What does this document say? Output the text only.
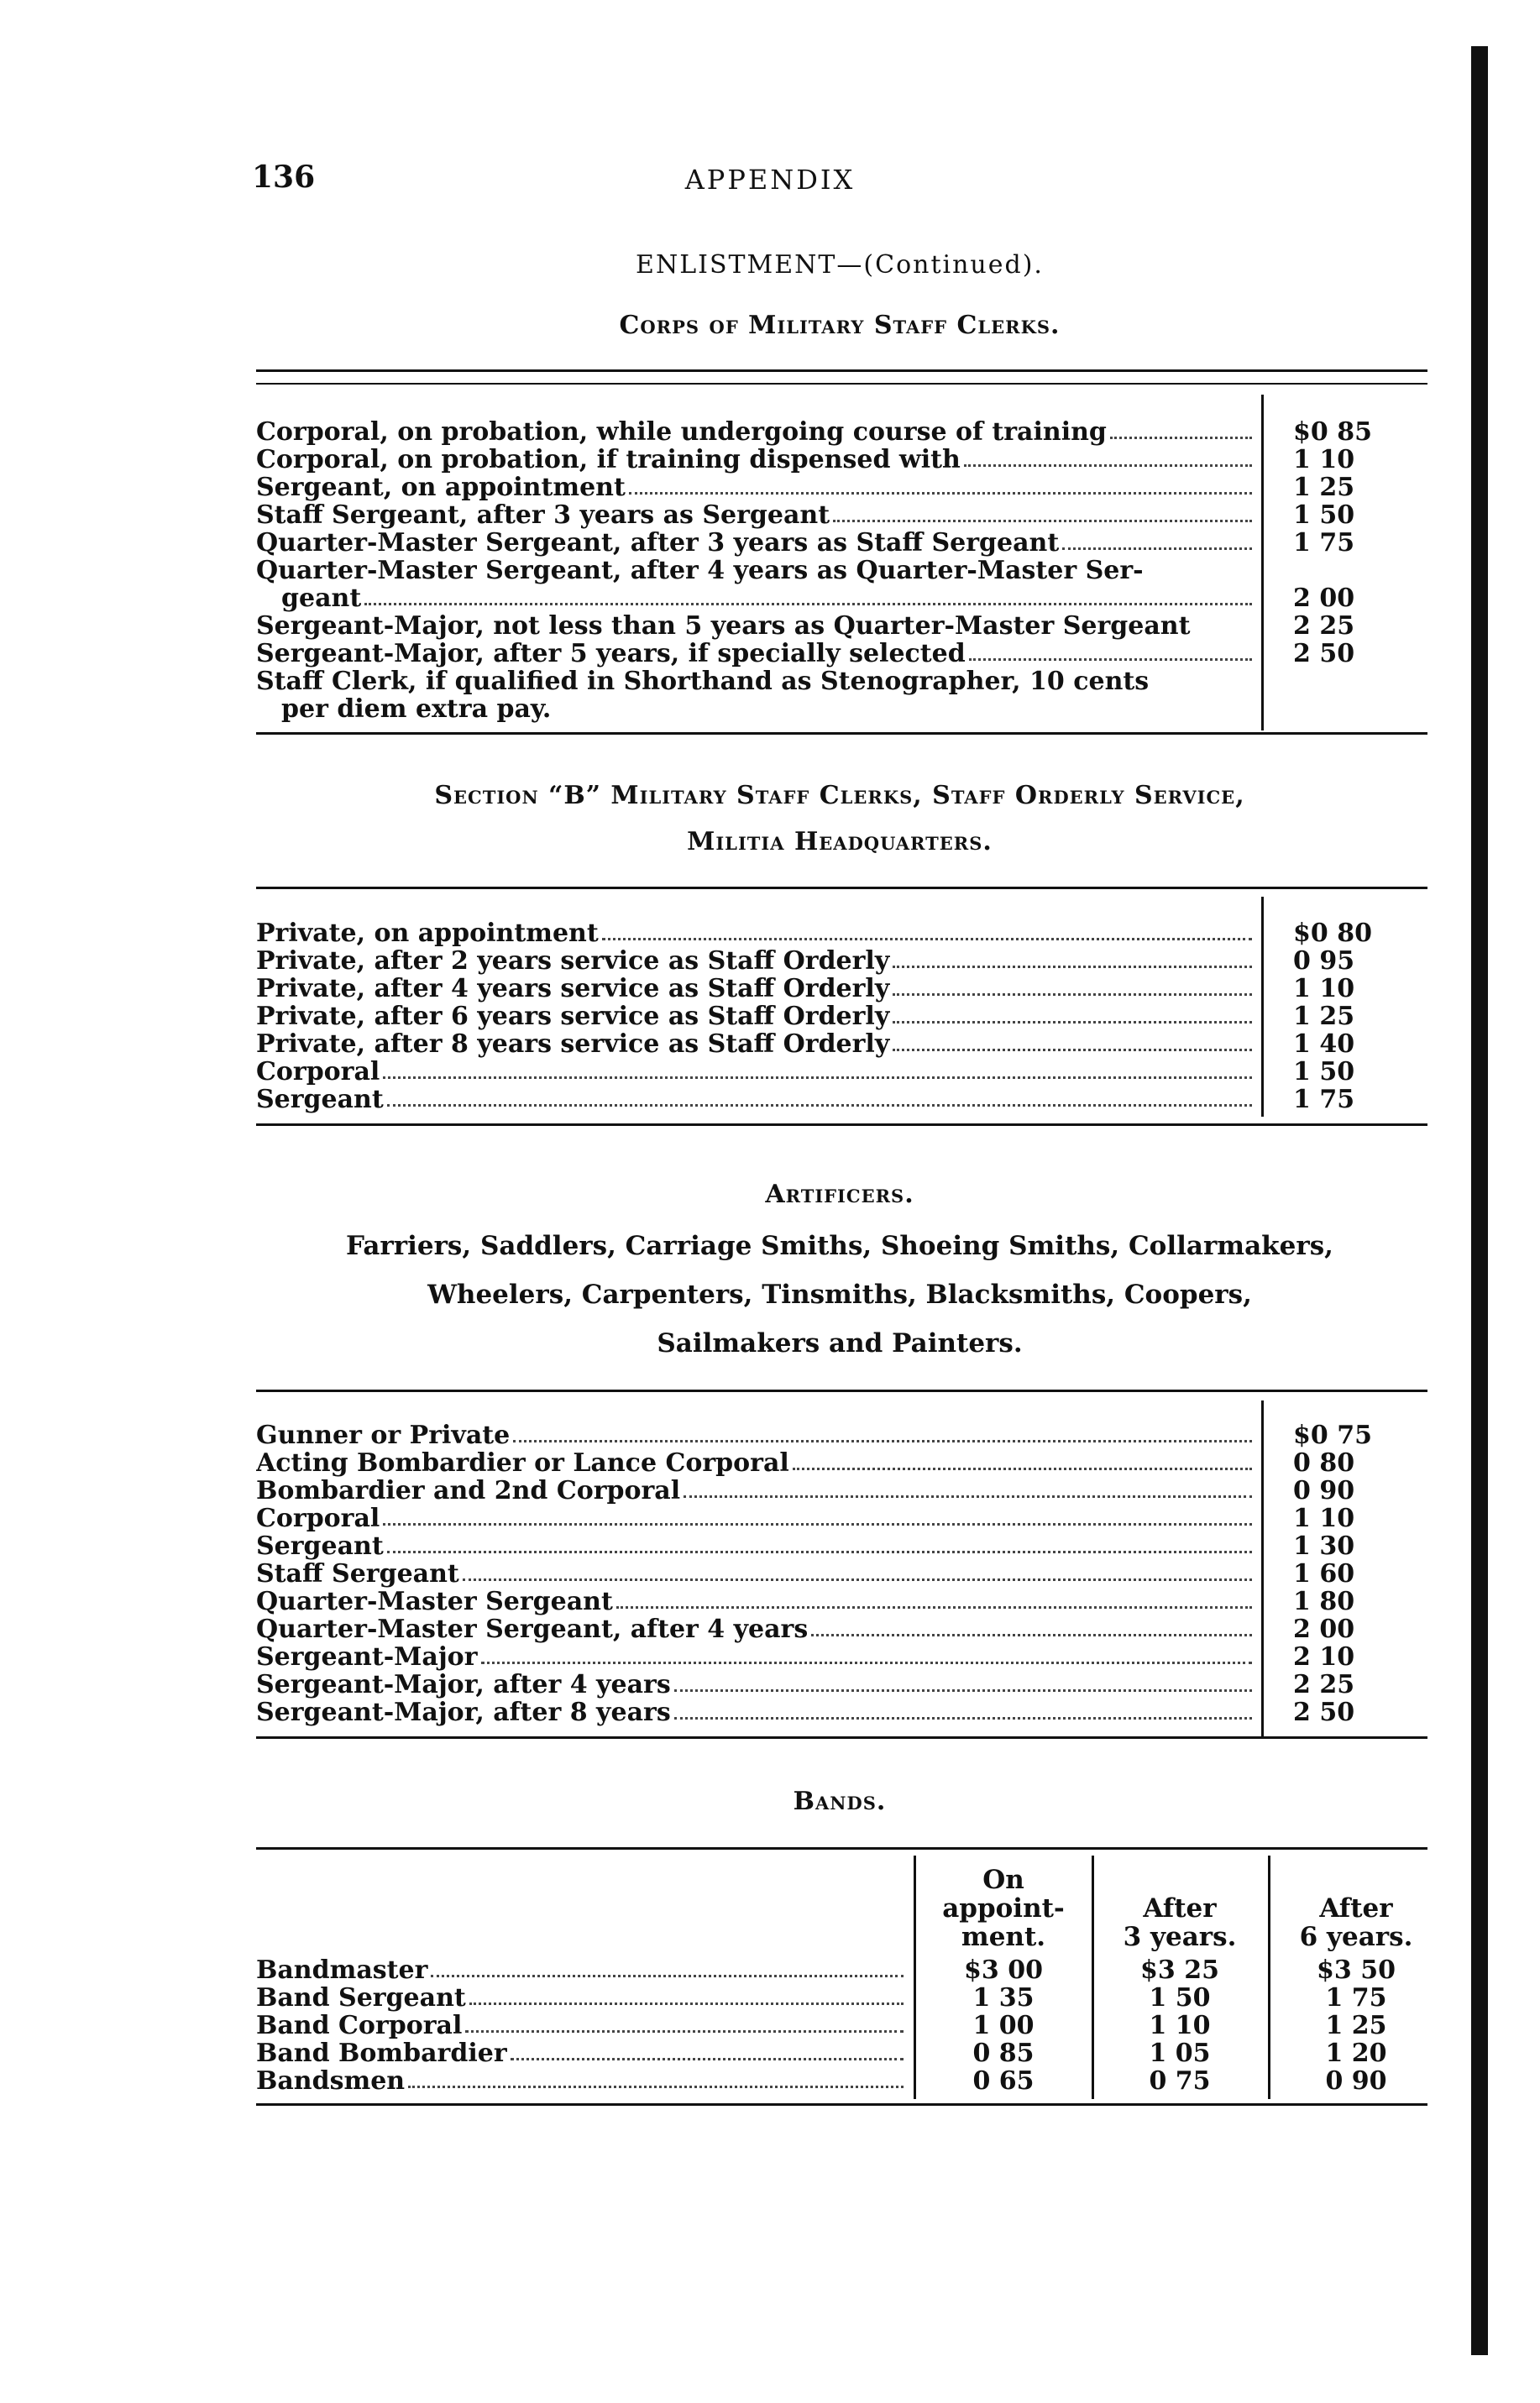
136	APPENDIX
ENLISTMENT—(Continued).
Corps of Military Staff Clerks.
Corporal, on probation, while undergoing course of training
Corporal, on probation, if training dispensed with
Sergeant, on appointment
Staff Sergeant, after 3 years as Sergeant
Quarter-Master Sergeant, after 3 years as Staff Sergeant
Quarter-Master Sergeant, after 4 years as Quarter-Master Ser-
geant
Sergeant-Major, not less than 5 years as Quarter-Master Sergeant
Sergeant-Major, after 5 years, if specially selected
Staff Clerk, if qualified in Shorthand as Stenographer, 10 cents
per diem extra pay.
$0 85
1 10
1 25
1 50
1 75
2 00
2 25
2 50
Section “B” Military Staff Clerks, Staff Orderly Service,
Militia Headquarters.
Private, on appointment
Private, after 2 years service as Staff Orderly
Private, after 4 years service as Staff Orderly
Private, after 6 years service as Staff Orderly
Private, after 8 years service as Staff Orderly
Corporal
Sergeant
$0 80
0 95
1 10
1 25
1 40
1 50
1 75
Artificers.
Farriers, Saddlers, Carriage Smiths, Shoeing Smiths, Collarmakers,
Wheelers, Carpenters, Tinsmiths, Blacksmiths, Coopers,
Sailmakers and Painters.
Gunner or Private
Acting Bombardier or Lance Corporal
Bombardier and 2nd Corporal
Corporal
Sergeant
Staff Sergeant
Quarter-Master Sergeant
Quarter-Master Sergeant, after 4 years
Sergeant-Major
Sergeant-Major, after 4 years
Sergeant-Major, after 8 years
$0 75
0 80
0 90
1 10
1 30
1 60
1 80
2 00
2 10
2 25
2 50
Bands.
On
appoint-
ment.
After
3 years.
After
6 years.
Bandmaster
Band Sergeant
Band Corporal
Band Bombardier
Bandsmen
$3 00
1 35
1 00
0 85
0 65
$3 25
1 50
1 10
1 05
0 75
$3 50
1 75
1 25
1 20
0 90
